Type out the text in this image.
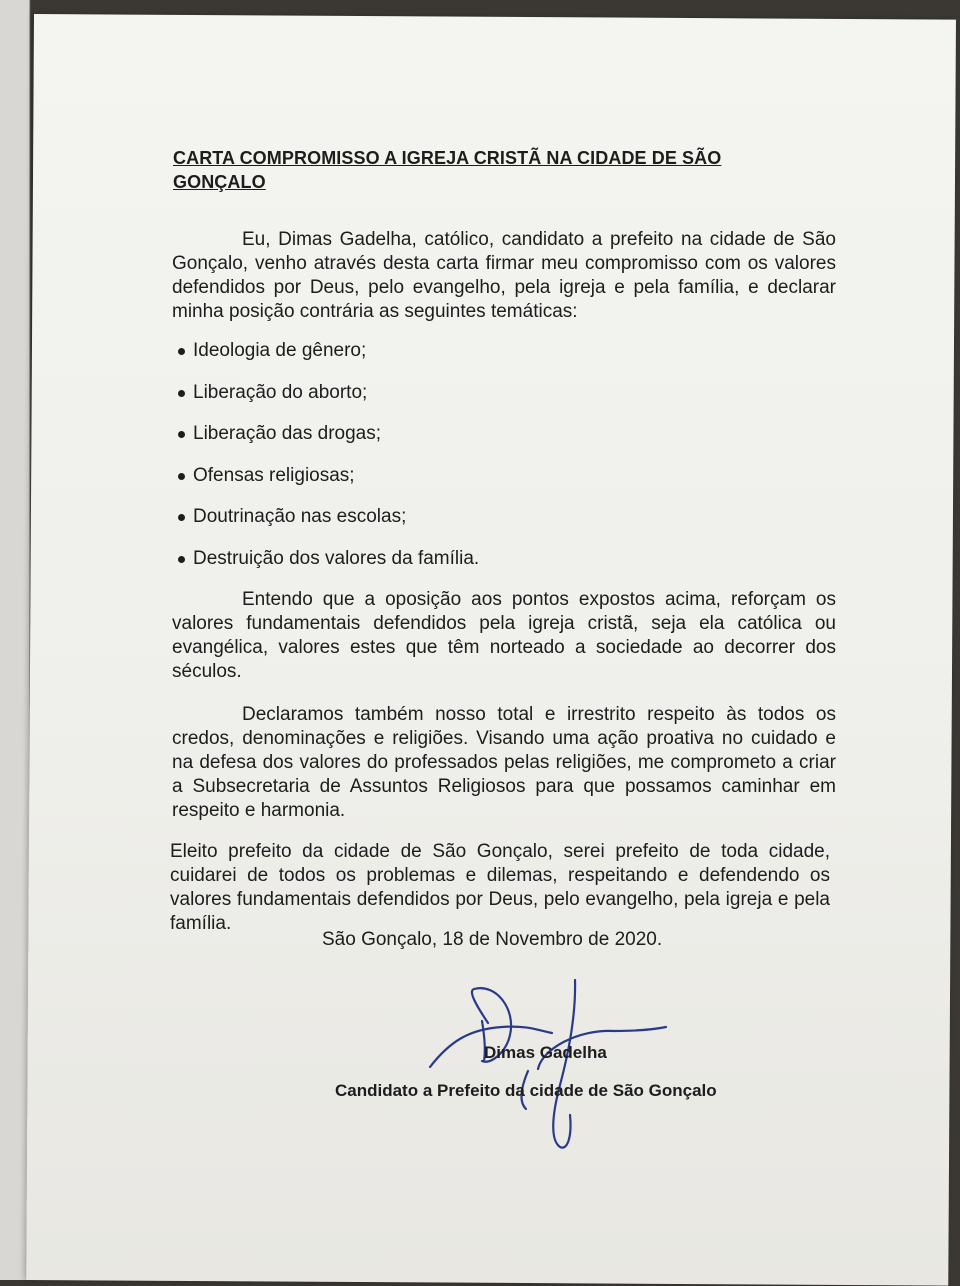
CARTA COMPROMISSO A IGREJA CRISTÃ NA CIDADE DE SÃO GONÇALO
Eu, Dimas Gadelha, católico, candidato a prefeito na cidade de São Gonçalo, venho através desta carta firmar meu compromisso com os valores defendidos por Deus, pelo evangelho, pela igreja e pela família, e declarar minha posição contrária as seguintes temáticas:
Ideologia de gênero;
Liberação do aborto;
Liberação das drogas;
Ofensas religiosas;
Doutrinação nas escolas;
Destruição dos valores da família.
Entendo que a oposição aos pontos expostos acima, reforçam os valores fundamentais defendidos pela igreja cristã, seja ela católica ou evangélica, valores estes que têm norteado a sociedade ao decorrer dos séculos.
Declaramos também nosso total e irrestrito respeito às todos os credos, denominações e religiões. Visando uma ação proativa no cuidado e na defesa dos valores do professados pelas religiões, me comprometo a criar a Subsecretaria de Assuntos Religiosos para que possamos caminhar em respeito e harmonia.
Eleito prefeito da cidade de São Gonçalo, serei prefeito de toda cidade, cuidarei de todos os problemas e dilemas, respeitando e defendendo os valores fundamentais defendidos por Deus, pelo evangelho, pela igreja e pela família.
São Gonçalo, 18 de Novembro de 2020.
Dimas Gadelha
Candidato a Prefeito da cidade de São Gonçalo
